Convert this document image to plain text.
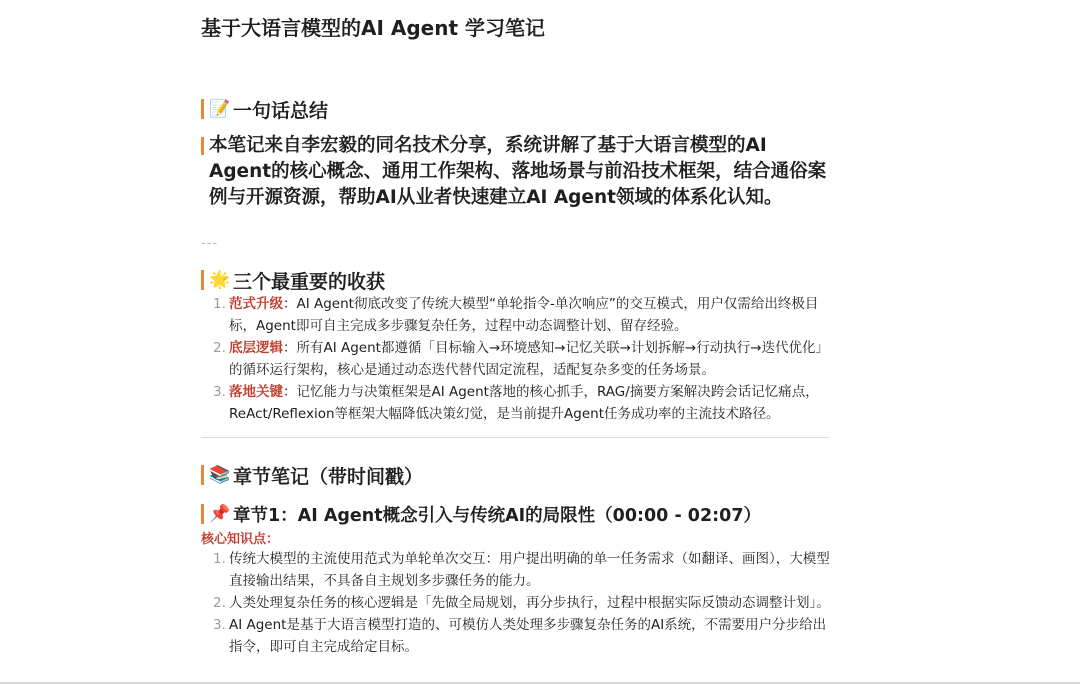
基于大语言模型的AI Agent 学习笔记
📝 一句话总结

本笔记来自李宏毅的同名技术分享，系统讲解了基于大语言模型的AI Agent的核心概念、通用工作架构、落地场景与前沿技术框架，结合通俗案例与开源资源，帮助AI从业者快速建立AI Agent领域的体系化认知。

---
🌟 三个最重要的收获
1. 范式升级：AI Agent彻底改变了传统大模型“单轮指令-单次响应”的交互模式，用户仅需给出终极目标，Agent即可自主完成多步骤复杂任务，过程中动态调整计划、留存经验。
2. 底层逻辑：所有AI Agent都遵循「目标输入→环境感知→记忆关联→计划拆解→行动执行→迭代优化」的循环运行架构，核心是通过动态迭代替代固定流程，适配复杂多变的任务场景。
3. 落地关键：记忆能力与决策框架是AI Agent落地的核心抓手，RAG/摘要方案解决跨会话记忆痛点，ReAct/Reflexion等框架大幅降低决策幻觉，是当前提升Agent任务成功率的主流技术路径。
📚 章节笔记（带时间戳）
📌 章节1：AI Agent概念引入与传统AI的局限性（00:00 - 02:07）
核心知识点：
1. 传统大模型的主流使用范式为单轮单次交互：用户提出明确的单一任务需求（如翻译、画图），大模型直接输出结果，不具备自主规划多步骤任务的能力。
2. 人类处理复杂任务的核心逻辑是「先做全局规划，再分步执行，过程中根据实际反馈动态调整计划」。
3. AI Agent是基于大语言模型打造的、可模仿人类处理多步骤复杂任务的AI系统，不需要用户分步给出指令，即可自主完成给定目标。
